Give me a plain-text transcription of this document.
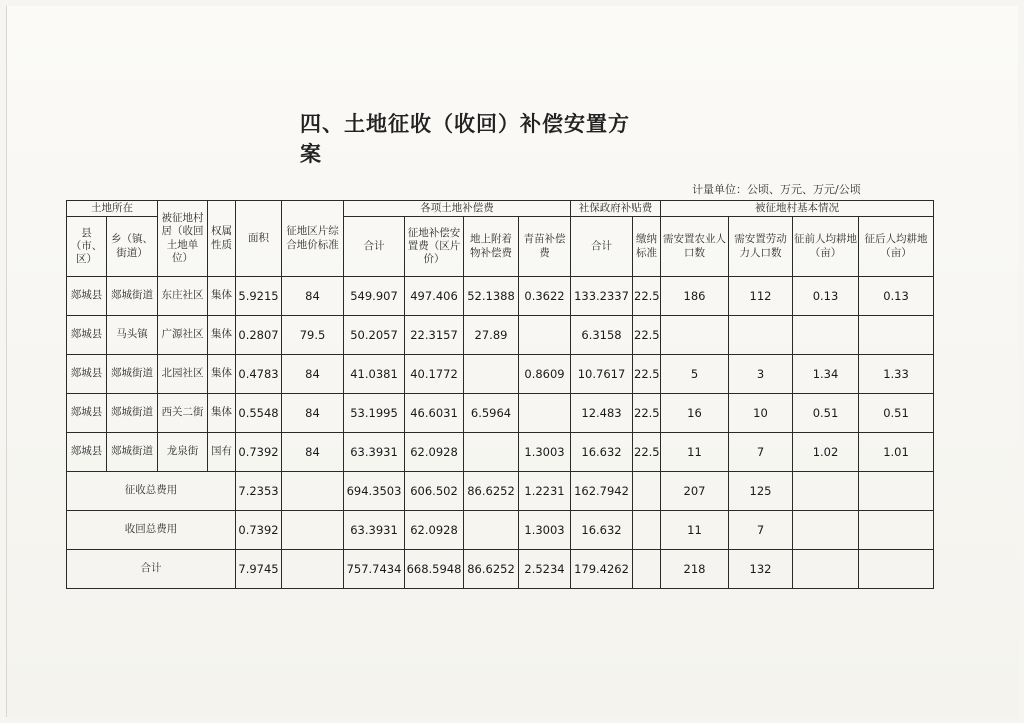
四、土地征收（收回）补偿安置方案
计量单位：公顷、万元、万元/公顷
土地所在		被征地村居（收回土地单位）	权属性质	面积	征地区片综合地价标准	各项土地补偿费				社保政府补贴费		被征地村基本情况			
县（市、区）	乡（镇、街道）					合计	征地补偿安置费（区片价）	地上附着物补偿费	青苗补偿费	合计	缴纳标准	需安置农业人口数	需安置劳动力人口数	征前人均耕地（亩）	征后人均耕地（亩）
郯城县	郯城街道	东庄社区	集体	5.9215	84	549.907	497.406	52.1388	0.3622	133.2337	22.5	186	112	0.13	0.13
郯城县	马头镇	广源社区	集体	0.2807	79.5	50.2057	22.3157	27.89		6.3158	22.5				
郯城县	郯城街道	北园社区	集体	0.4783	84	41.0381	40.1772		0.8609	10.7617	22.5	5	3	1.34	1.33
郯城县	郯城街道	西关二街	集体	0.5548	84	53.1995	46.6031	6.5964		12.483	22.5	16	10	0.51	0.51
郯城县	郯城街道	龙泉街	国有	0.7392	84	63.3931	62.0928		1.3003	16.632	22.5	11	7	1.02	1.01
征收总费用				7.2353		694.3503	606.502	86.6252	1.2231	162.7942		207	125		
收回总费用				0.7392		63.3931	62.0928		1.3003	16.632		11	7		
合计				7.9745		757.7434	668.5948	86.6252	2.5234	179.4262		218	132		
